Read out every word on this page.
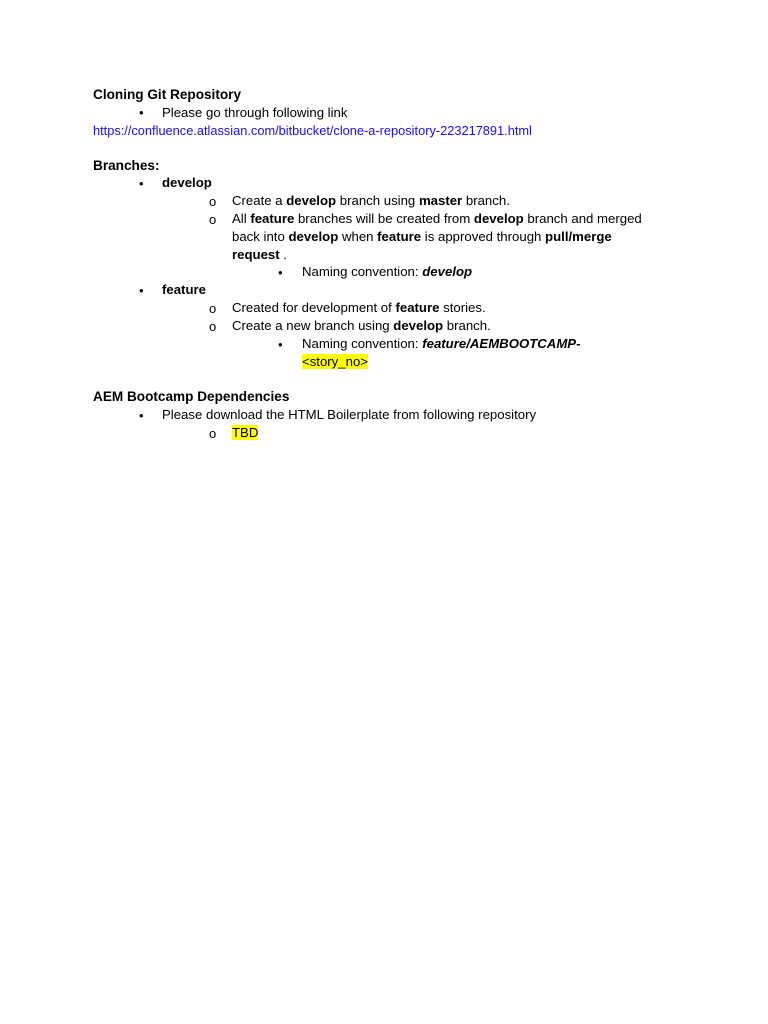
Cloning Git Repository
• Please go through following link
https://confluence.atlassian.com/bitbucket/clone-a-repository-223217891.html
Branches:
• develop
o Create a develop branch using master branch.
o All feature branches will be created from develop branch and merged
back into develop when feature is approved through pull/merge
request .
• Naming convention: develop
• feature
o Created for development of feature stories.
o Create a new branch using develop branch.
• Naming convention: feature/AEMBOOTCAMP-
<story_no>
AEM Bootcamp Dependencies
• Please download the HTML Boilerplate from following repository
o TBD
